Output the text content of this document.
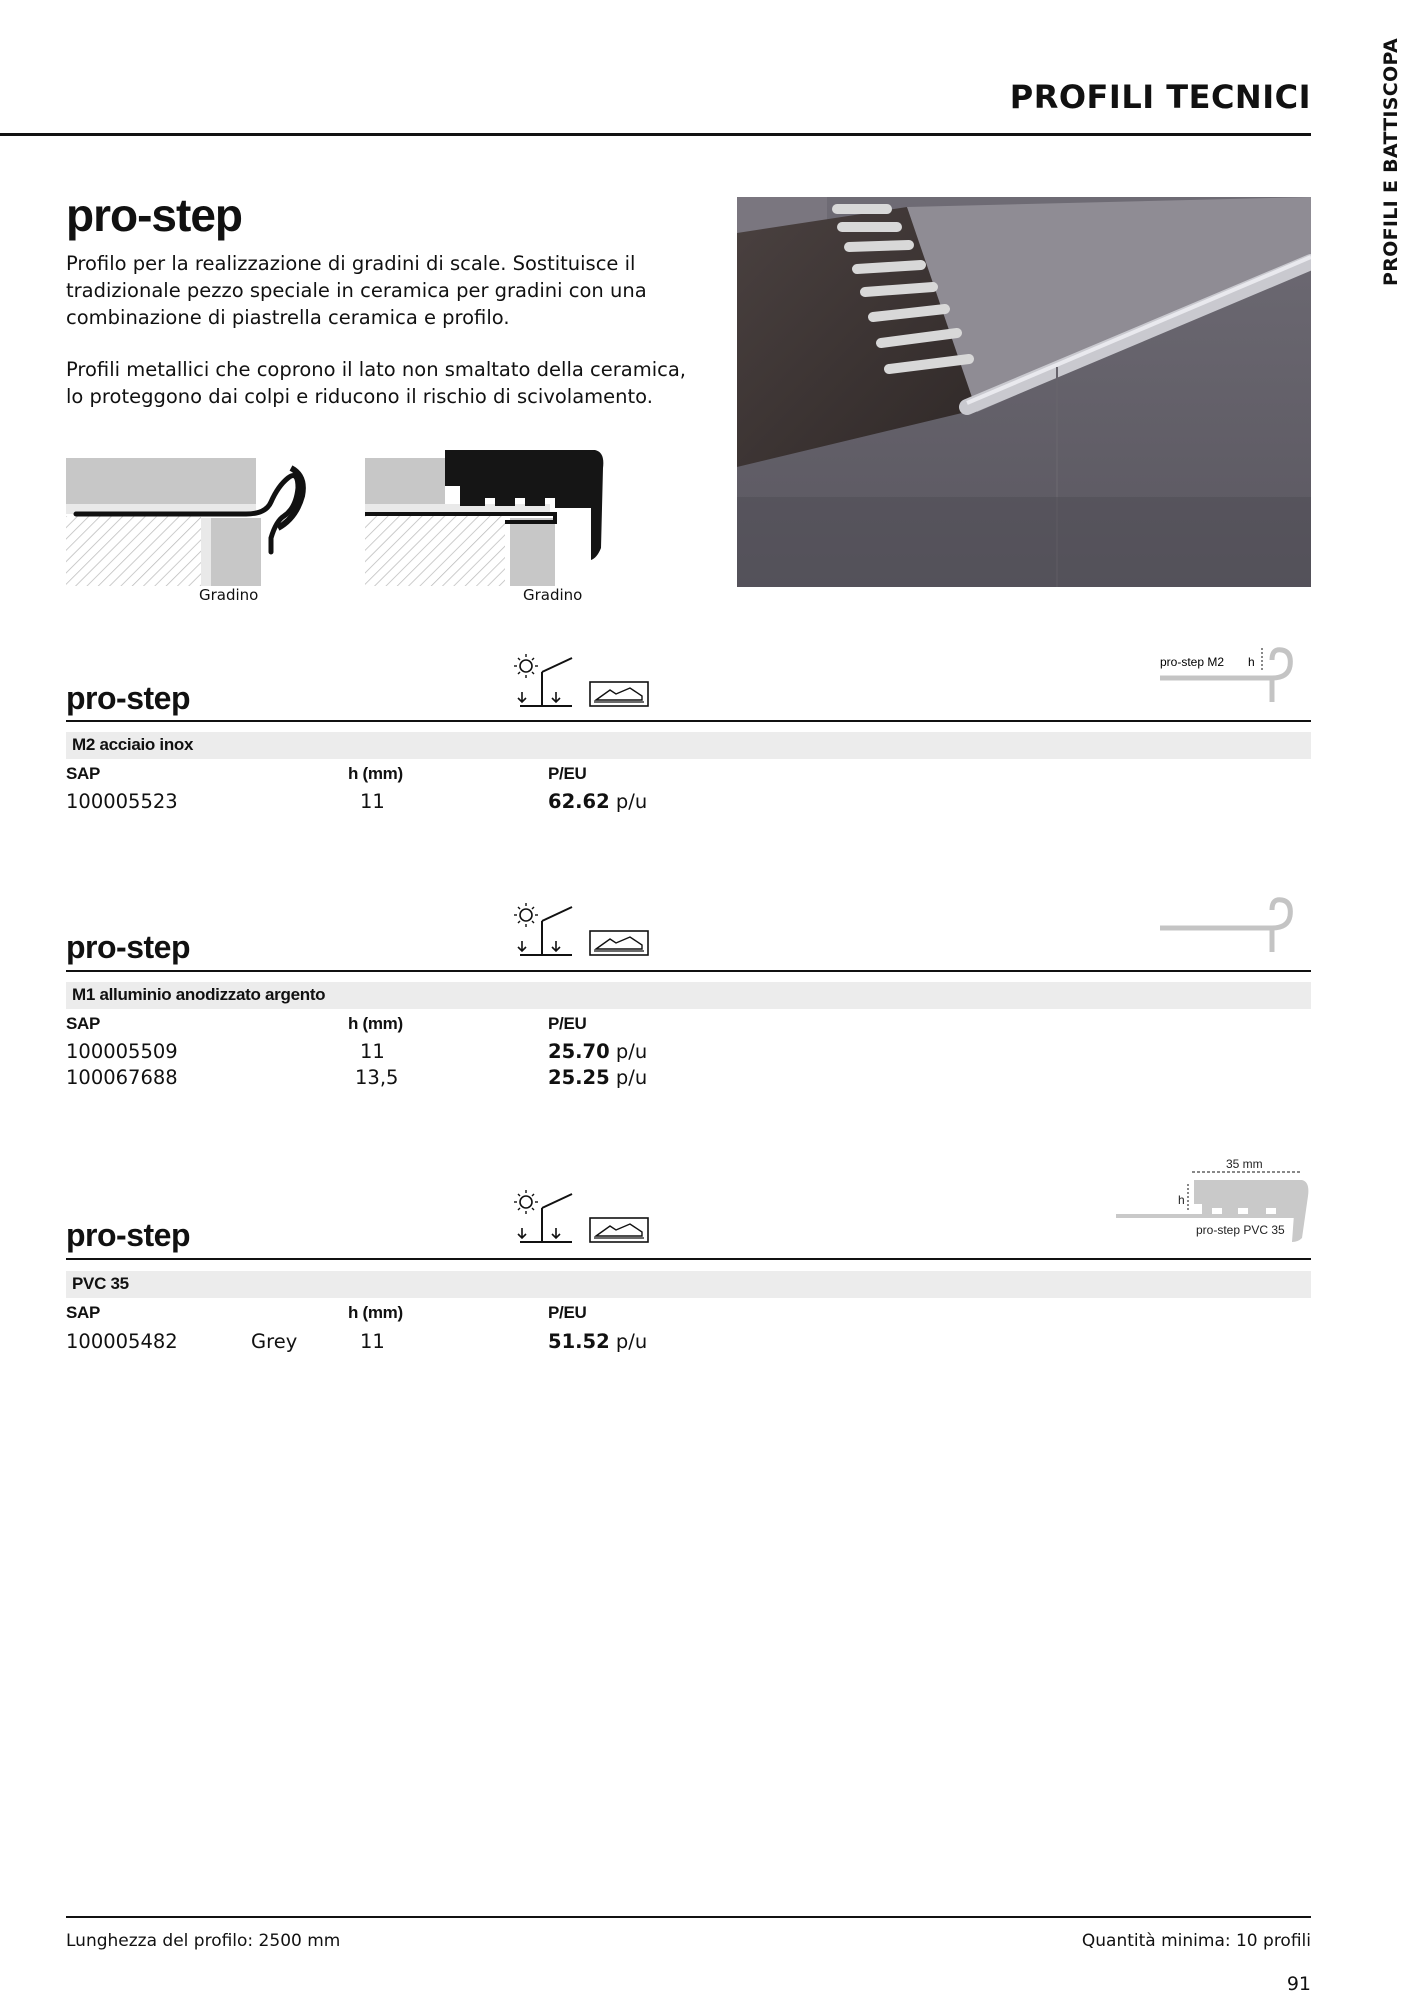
PROFILI TECNICI	PROFILI E BATTISCOPA
pro-step
Profilo per la realizzazione di gradini di scale. Sostituisce il tradizionale pezzo speciale in ceramica per gradini con una combinazione di piastrella ceramica e profilo.
Profili metallici che coprono il lato non smaltato della ceramica, lo proteggono dai colpi e riducono il rischio di scivolamento.
Gradino	Gradino
pro-step
pro-step M2 h
M2 acciaio inox
SAP	h (mm)	P/EU
100005523	11	62.62 p/u
pro-step
M1 alluminio anodizzato argento
SAP	h (mm)	P/EU
100005509	11	25.70 p/u
100067688	13,5	25.25 p/u
pro-step
35 mm
h
pro-step PVC 35
PVC 35
SAP	h (mm)	P/EU
100005482	Grey	11	51.52 p/u
Lunghezza del profilo: 2500 mm	Quantità minima: 10 profili
91
